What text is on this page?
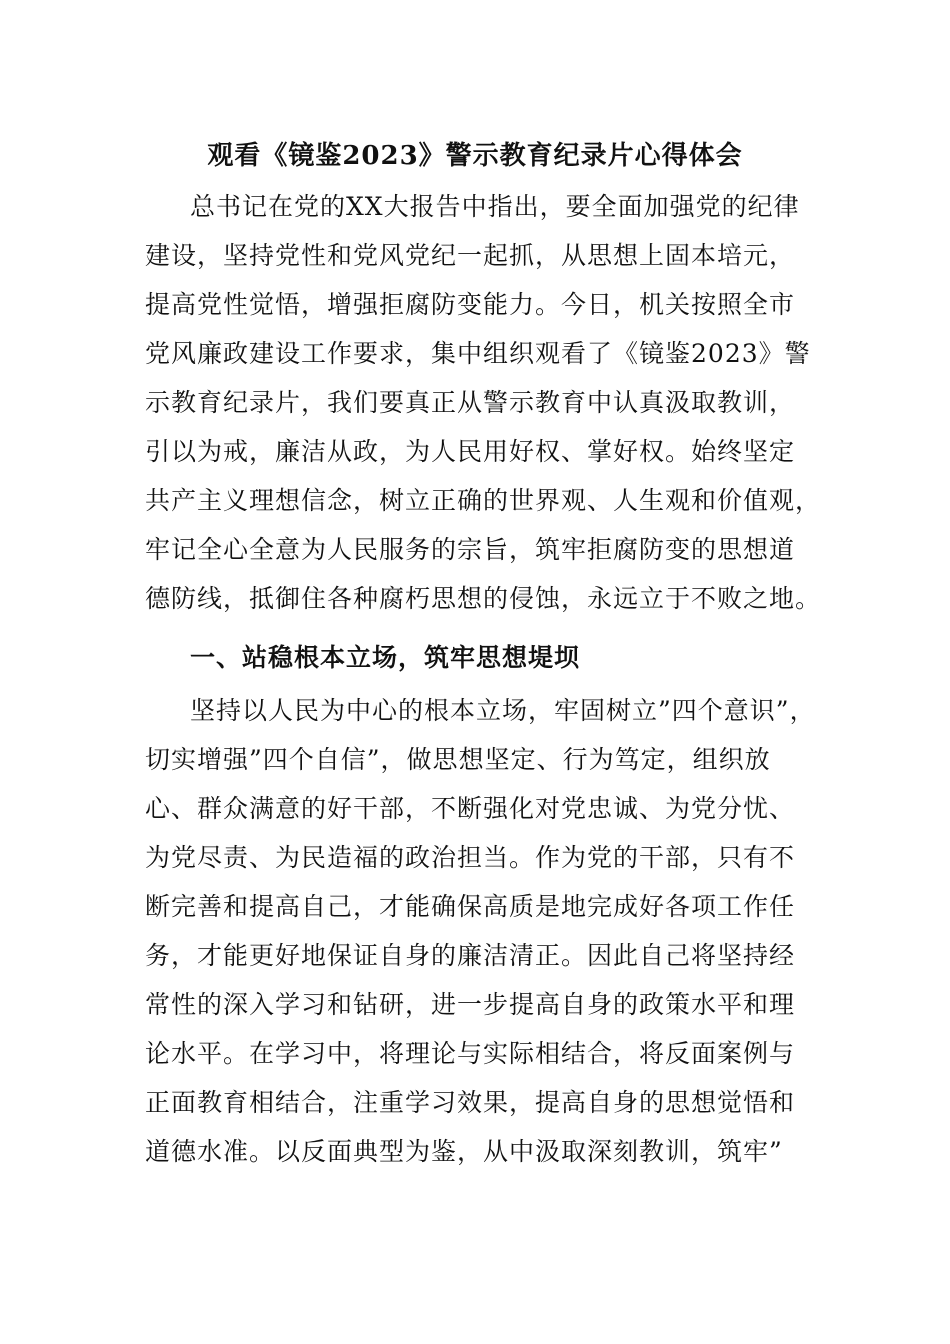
观看《镜鉴2023》警示教育纪录片心得体会
总书记在党的XX大报告中指出，要全面加强党的纪律
建设，坚持党性和党风党纪一起抓，从思想上固本培元，
提高党性觉悟，增强拒腐防变能力。今日，机关按照全市
党风廉政建设工作要求，集中组织观看了《镜鉴2023》警
示教育纪录片，我们要真正从警示教育中认真汲取教训，
引以为戒，廉洁从政，为人民用好权、掌好权。始终坚定
共产主义理想信念，树立正确的世界观、人生观和价值观，
牢记全心全意为人民服务的宗旨，筑牢拒腐防变的思想道
德防线，抵御住各种腐朽思想的侵蚀，永远立于不败之地。
一、站稳根本立场，筑牢思想堤坝
坚持以人民为中心的根本立场，牢固树立”四个意识”，
切实增强”四个自信”，做思想坚定、行为笃定，组织放
心、群众满意的好干部，不断强化对党忠诚、为党分忧、
为党尽责、为民造福的政治担当。作为党的干部，只有不
断完善和提高自己，才能确保高质是地完成好各项工作任
务，才能更好地保证自身的廉洁清正。因此自己将坚持经
常性的深入学习和钻研，进一步提高自身的政策水平和理
论水平。在学习中，将理论与实际相结合，将反面案例与
正面教育相结合，注重学习效果，提高自身的思想觉悟和
道德水准。以反面典型为鉴，从中汲取深刻教训，筑牢”
